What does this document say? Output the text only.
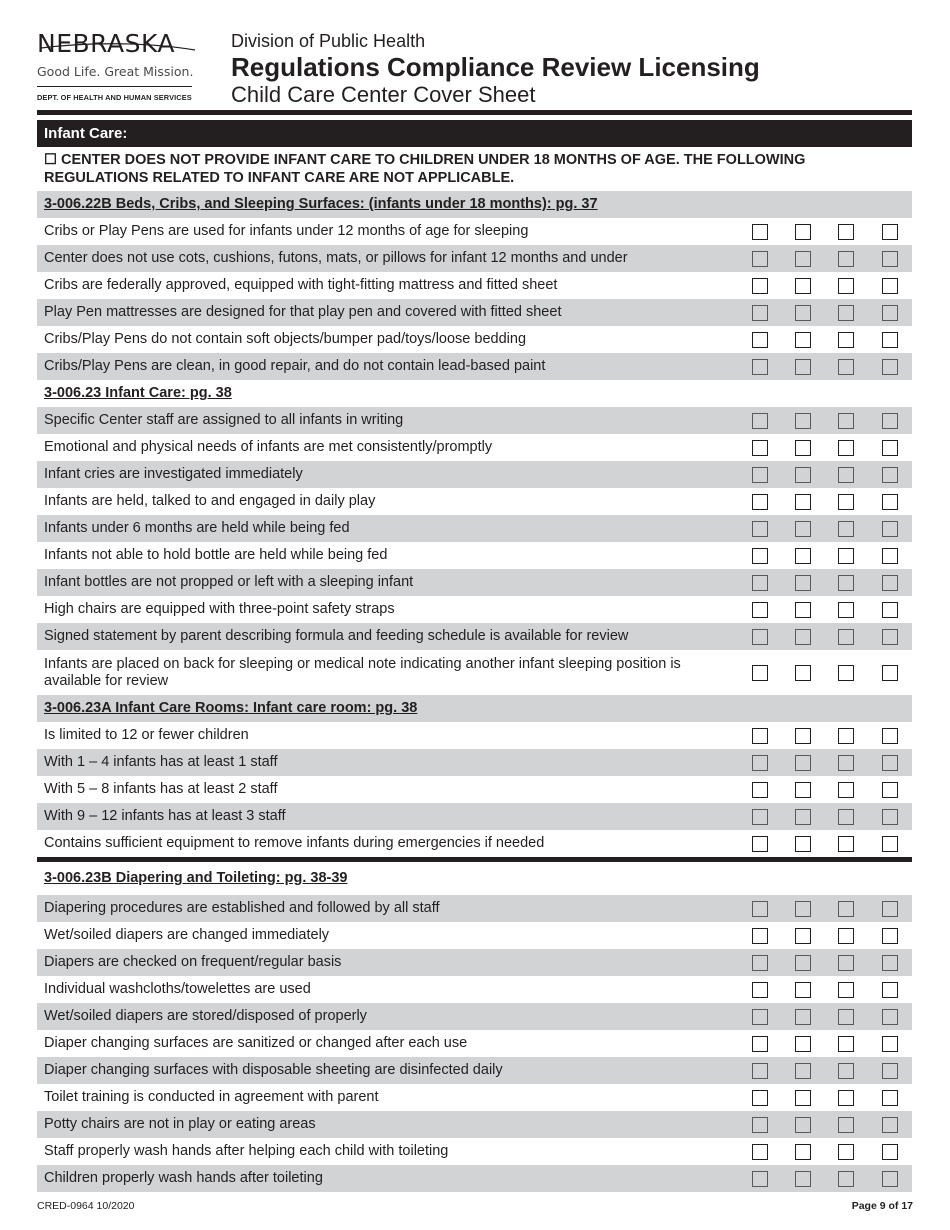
NEBRASKA
Good Life. Great Mission.
DEPT. OF HEALTH AND HUMAN SERVICES
Division of Public Health
Regulations Compliance Review Licensing
Child Care Center Cover Sheet
Infant Care:
☐ CENTER DOES NOT PROVIDE INFANT CARE TO CHILDREN UNDER 18 MONTHS OF AGE. THE FOLLOWING
REGULATIONS RELATED TO INFANT CARE ARE NOT APPLICABLE.
3-006.22B Beds, Cribs, and Sleeping Surfaces: (infants under 18 months): pg. 37
Cribs or Play Pens are used for infants under 12 months of age for sleeping
Center does not use cots, cushions, futons, mats, or pillows for infant 12 months and under
Cribs are federally approved, equipped with tight-fitting mattress and fitted sheet
Play Pen mattresses are designed for that play pen and covered with fitted sheet
Cribs/Play Pens do not contain soft objects/bumper pad/toys/loose bedding
Cribs/Play Pens are clean, in good repair, and do not contain lead-based paint
3-006.23 Infant Care: pg. 38
Specific Center staff are assigned to all infants in writing
Emotional and physical needs of infants are met consistently/promptly
Infant cries are investigated immediately
Infants are held, talked to and engaged in daily play
Infants under 6 months are held while being fed
Infants not able to hold bottle are held while being fed
Infant bottles are not propped or left with a sleeping infant
High chairs are equipped with three-point safety straps
Signed statement by parent describing formula and feeding schedule is available for review
Infants are placed on back for sleeping or medical note indicating another infant sleeping position is available for review
3-006.23A Infant Care Rooms: Infant care room: pg. 38
Is limited to 12 or fewer children
With 1 – 4 infants has at least 1 staff
With 5 – 8 infants has at least 2 staff
With 9 – 12 infants has at least 3 staff
Contains sufficient equipment to remove infants during emergencies if needed
3-006.23B Diapering and Toileting: pg. 38-39
Diapering procedures are established and followed by all staff
Wet/soiled diapers are changed immediately
Diapers are checked on frequent/regular basis
Individual washcloths/towelettes are used
Wet/soiled diapers are stored/disposed of properly
Diaper changing surfaces are sanitized or changed after each use
Diaper changing surfaces with disposable sheeting are disinfected daily
Toilet training is conducted in agreement with parent
Potty chairs are not in play or eating areas
Staff properly wash hands after helping each child with toileting
Children properly wash hands after toileting
CRED-0964 10/2020	Page 9 of 17
